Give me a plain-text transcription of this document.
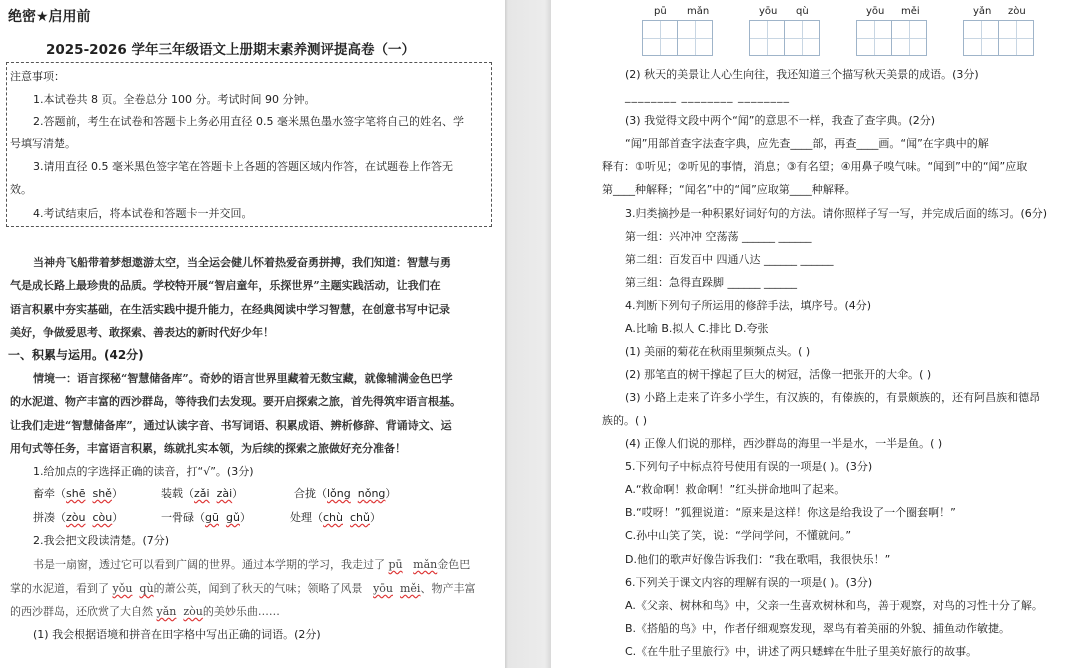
绝密★启用前
2025-2026 学年三年级语文上册期末素养测评提高卷（一）
注意事项：
1.本试卷共 8 页。全卷总分 100 分。考试时间 90 分钟。
2.答题前，考生在试卷和答题卡上务必用直径 0.5 毫米黑色墨水签字笔将自己的姓名、学
号填写清楚。
3.请用直径 0.5 毫米黑色签字笔在答题卡上各题的答题区域内作答，在试题卷上作答无
效。
4.考试结束后，将本试卷和答题卡一并交回。
当神舟飞船带着梦想遨游太空，当全运会健儿怀着热爱奋勇拼搏，我们知道：智慧与勇
气是成长路上最珍贵的品质。学校特开展“智启童年，乐探世界”主题实践活动，让我们在
语言积累中夯实基础，在生活实践中提升能力，在经典阅读中学习智慧，在创意书写中记录
美好，争做爱思考、敢探索、善表达的新时代好少年！
一、积累与运用。(42分)
情境一：语言探秘“智慧储备库”。奇妙的语言世界里藏着无数宝藏，就像辅满金色巴学
的水泥道、物产丰富的西沙群岛，等待我们去发现。要开启探索之旅，首先得筑牢语言根基。
让我们走进“智慧储备库”，通过认读字音、书写词语、积累成语、辨析修辞、背诵诗文、运
用句式等任务，丰富语言积累，练就扎实本领，为后续的探索之旅做好充分准备！
1.给加点的字选择正确的读音，打“√”。(3分)
畜牵（shē shě）	装载（zǎi zài）	合拢（lǒng nǒng）
拼凑（zòu còu）	一骨碌（gū gǔ）	处理（chù chǔ）
2.我会把文段读清楚。(7分)
书是一扇窗，透过它可以看到广阔的世界。通过本学期的学习，我走过了 pū mǎn金色巴
掌的水泥道，看到了 yǒu qù的萧公英，闻到了秋天的气味；领略了风景   yōu měi、物产丰富
的西沙群岛，还欣赏了大自然 yǎn zòu的美妙乐曲……
(1) 我会根据语境和拼音在田字格中写出正确的词语。(2分)
pū mǎn	yōu qù	yōu měi	yǎn zòu
(2) 秋天的美景让人心生向往，我还知道三个描写秋天美景的成语。(3分)
________ ________ ________
(3) 我觉得文段中两个“闻”的意思不一样，我查了查字典。(2分)
“闻”用部首查字法查字典，应先查____部，再查____画。“闻”在字典中的解
释有：①听见；②听见的事情，消息；③有名望；④用鼻子嗅气味。“闻到”中的“闻”应取
第____种解释；“闻名”中的“闻”应取第____种解释。
3.归类摘抄是一种积累好词好句的方法。请你照样子写一写，并完成后面的练习。(6分)
第一组：兴冲冲 空荡荡 ______ ______
第二组：百发百中 四通八达 ______ ______
第三组：急得直跺脚 ______ ______
4.判断下列句子所运用的修辞手法，填序号。(4分)
A.比喻 B.拟人 C.排比 D.夸张
(1) 美丽的菊花在秋雨里频频点头。( )
(2) 那笔直的树干撑起了巨大的树冠，活像一把张开的大伞。( )
(3) 小路上走来了许多小学生，有汉族的，有傣族的，有景颇族的，还有阿昌族和德昂
族的。( )
(4) 正像人们说的那样，西沙群岛的海里一半是水，一半是鱼。( )
5.下列句子中标点符号使用有误的一项是( )。(3分)
A.“救命啊！救命啊！”红头拼命地叫了起来。
B.“哎呀！”狐狸说道：“原来是这样！你这是给我设了一个圈套啊！”
C.孙中山笑了笑，说：“学问学问，不懂就问。”
D.他们的歌声好像告诉我们：“我在歌唱，我很快乐！”
6.下列关于课文内容的理解有误的一项是( )。(3分)
A.《父亲、树林和鸟》中，父亲一生喜欢树林和鸟，善于观察，对鸟的习性十分了解。
B.《搭船的鸟》中，作者仔细观察发现，翠鸟有着美丽的外貌、捕鱼动作敏捷。
C.《在牛肚子里旅行》中，讲述了两只蟋蟀在牛肚子里美好旅行的故事。
